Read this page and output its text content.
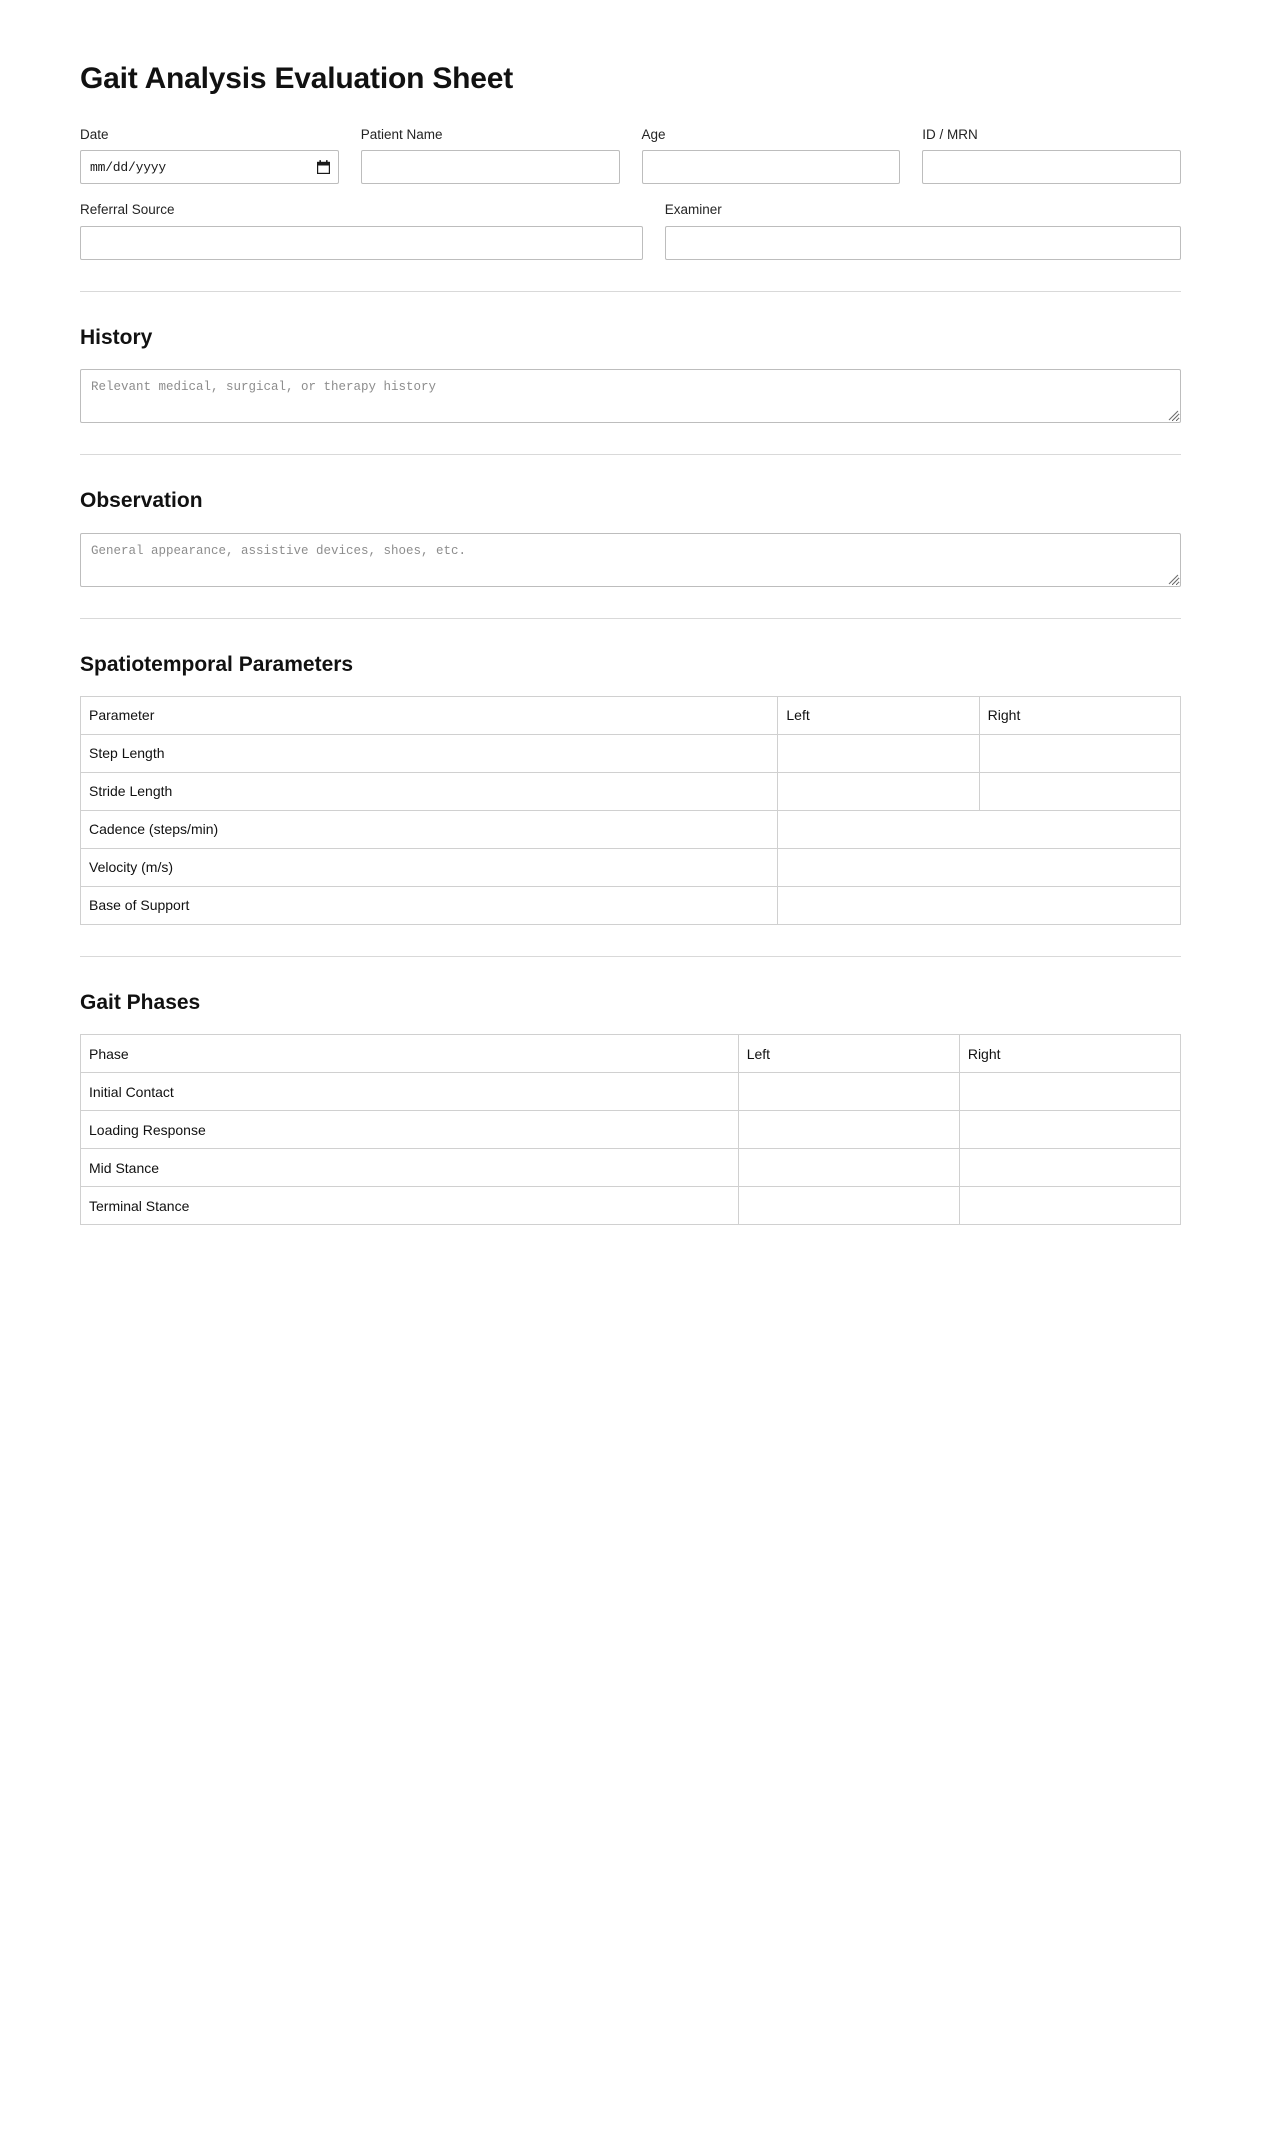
Gait Analysis Evaluation Sheet
Date
mm/dd/yyyy	Patient Name	Age	ID / MRN
Referral Source	Examiner
History
Relevant medical, surgical, or therapy history
Observation
General appearance, assistive devices, shoes, etc.
Spatiotemporal Parameters
Parameter	Left	Right
Step Length	

Stride Length	

Cadence (steps/min)	

Velocity (m/s)	

Base of Support	
Gait Phases
Phase	Left	Right
Initial Contact	

Loading Response	

Mid Stance	

Terminal Stance	
